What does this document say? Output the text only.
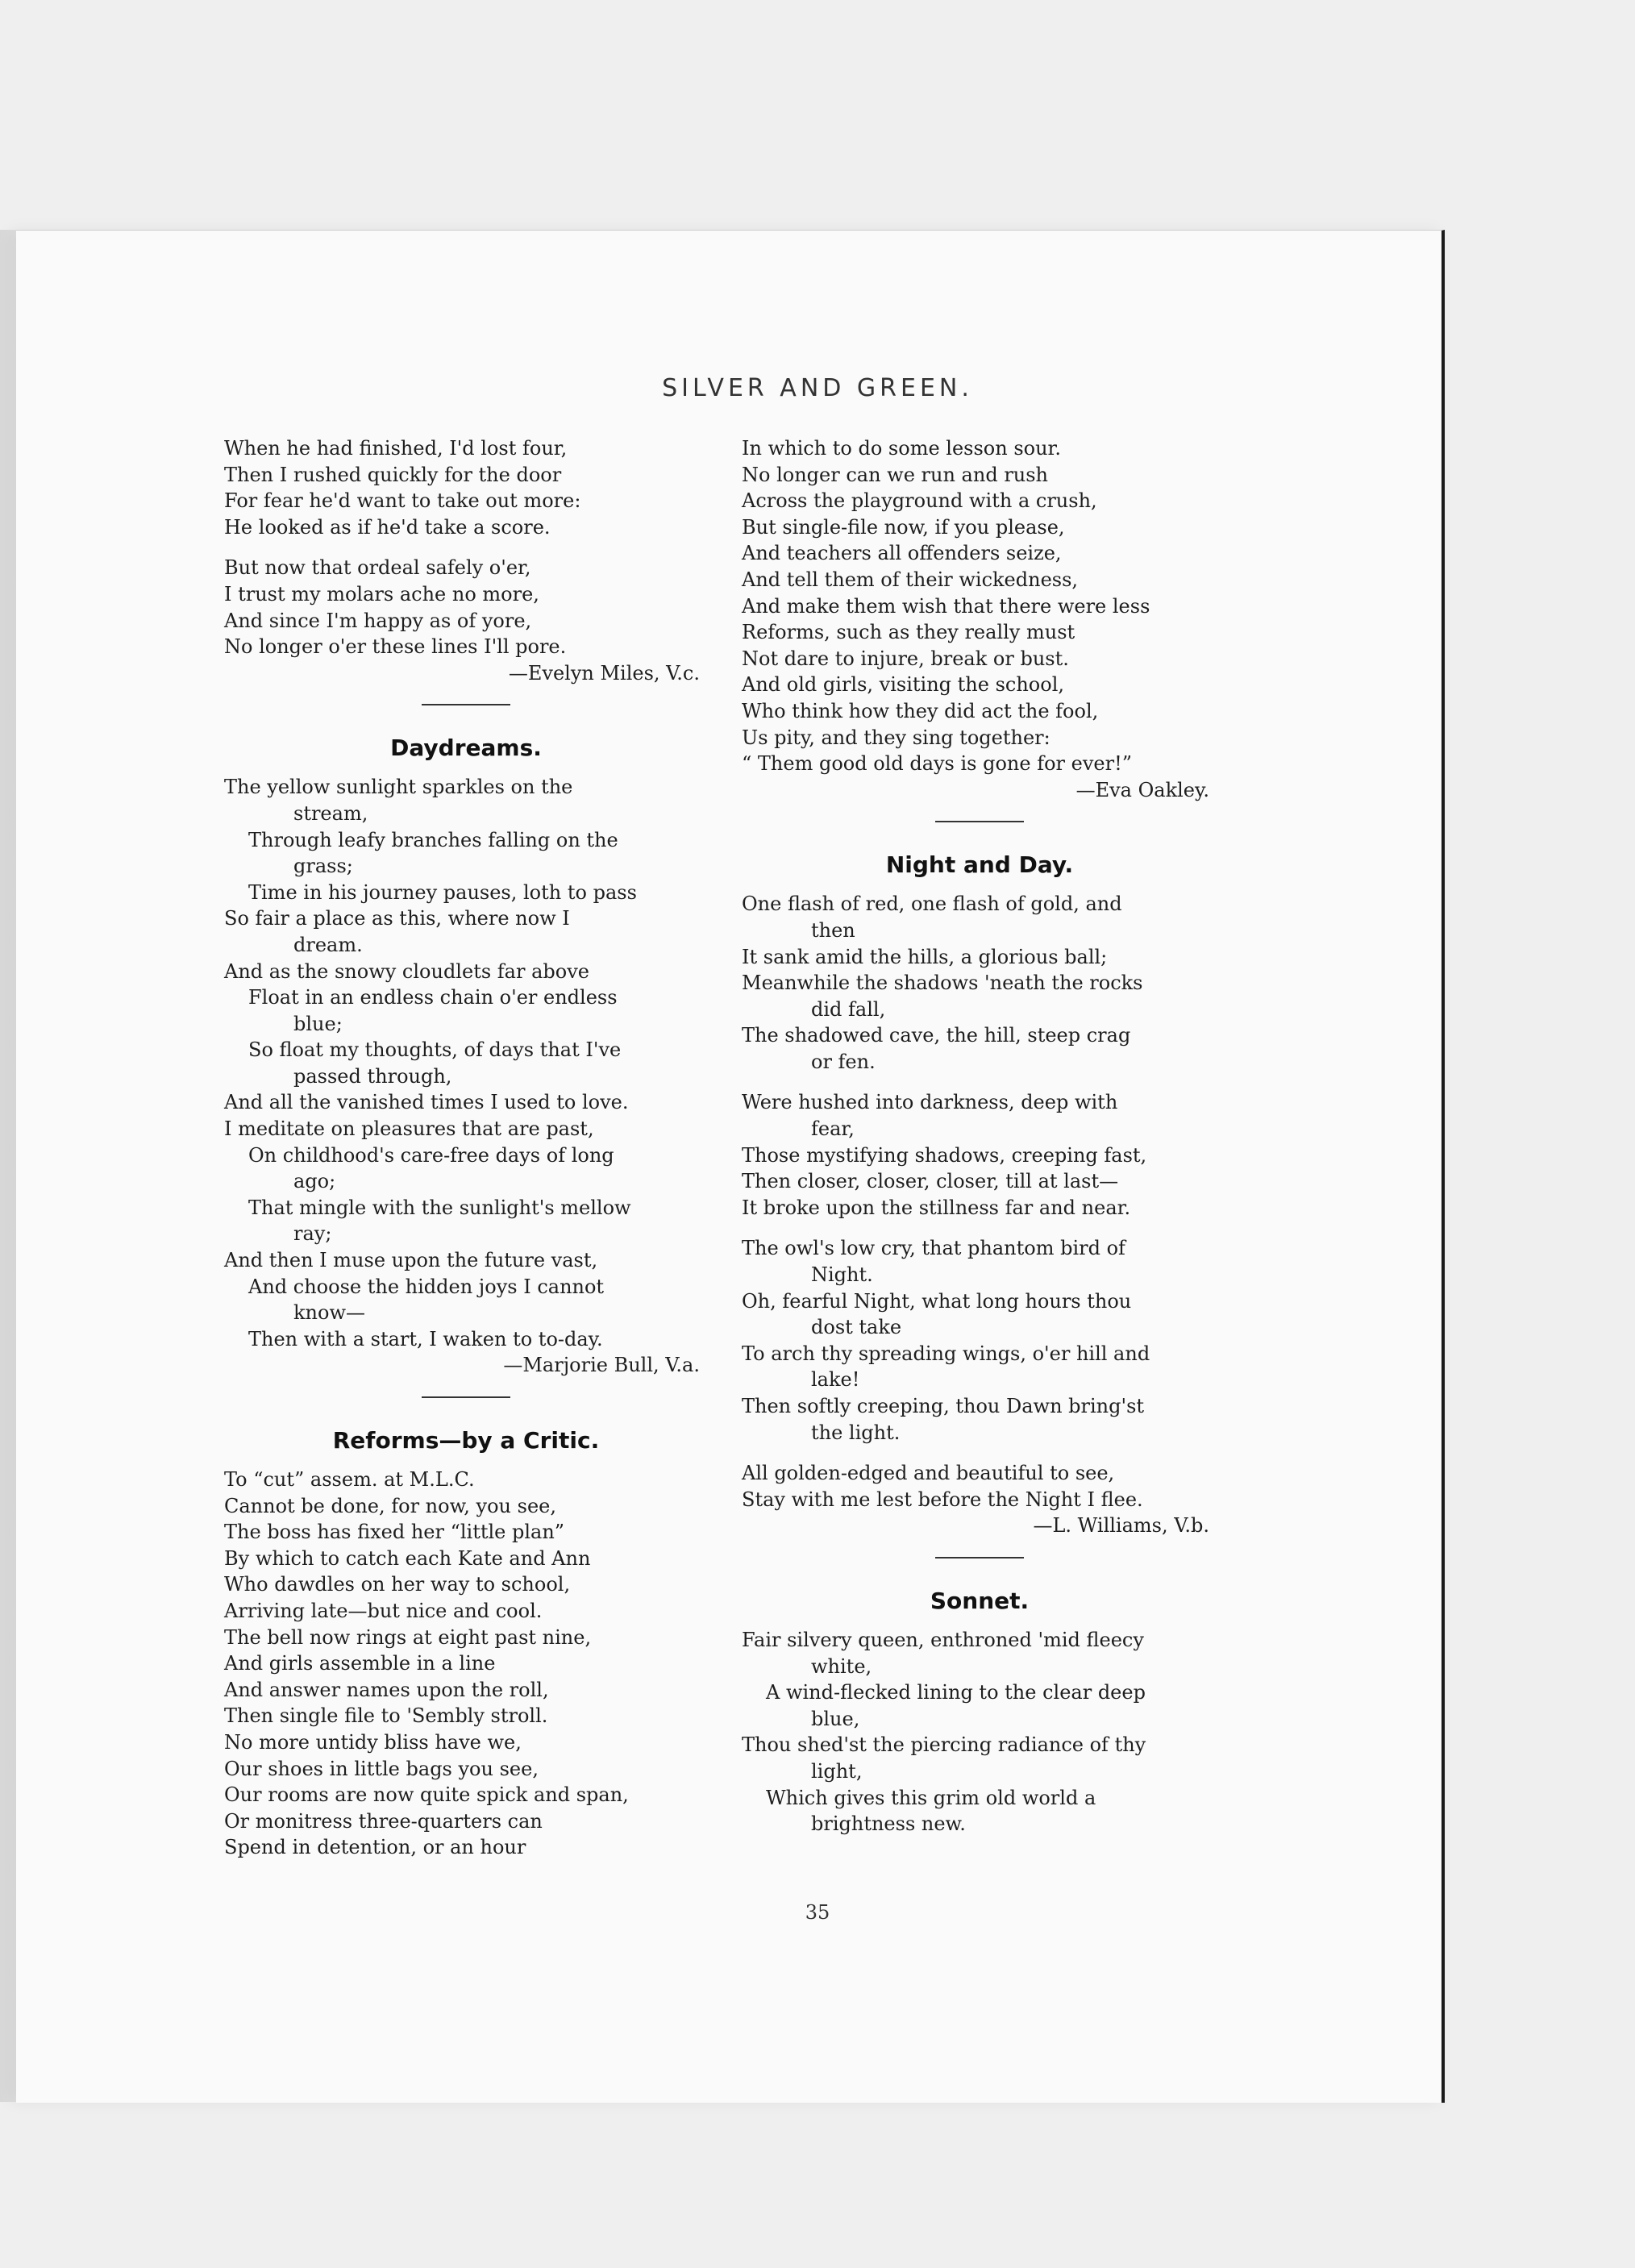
SILVER AND GREEN.

When he had finished, I'd lost four,

Then I rushed quickly for the door

For fear he'd want to take out more:

He looked as if he'd take a score.

But now that ordeal safely o'er,

I trust my molars ache no more,

And since I'm happy as of yore,

No longer o'er these lines I'll pore.

—Evelyn Miles, V.c.

Daydreams.

The yellow sunlight sparkles on the

stream,

Through leafy branches falling on the

grass;

Time in his journey pauses, loth to pass

So fair a place as this, where now I

dream.

And as the snowy cloudlets far above

Float in an endless chain o'er endless

blue;

So float my thoughts, of days that I've

passed through,

And all the vanished times I used to love.

I meditate on pleasures that are past,

On childhood's care-free days of long

ago;

That mingle with the sunlight's mellow

ray;

And then I muse upon the future vast,

And choose the hidden joys I cannot

know—

Then with a start, I waken to to-day.

—Marjorie Bull, V.a.

Reforms—by a Critic.

To “cut” assem. at M.L.C.

Cannot be done, for now, you see,

The boss has fixed her “little plan”

By which to catch each Kate and Ann

Who dawdles on her way to school,

Arriving late—but nice and cool.

The bell now rings at eight past nine,

And girls assemble in a line

And answer names upon the roll,

Then single file to 'Sembly stroll.

No more untidy bliss have we,

Our shoes in little bags you see,

Our rooms are now quite spick and span,

Or monitress three-quarters can

Spend in detention, or an hour

In which to do some lesson sour.

No longer can we run and rush

Across the playground with a crush,

But single-file now, if you please,

And teachers all offenders seize,

And tell them of their wickedness,

And make them wish that there were less

Reforms, such as they really must

Not dare to injure, break or bust.

And old girls, visiting the school,

Who think how they did act the fool,

Us pity, and they sing together:

“ Them good old days is gone for ever!”

—Eva Oakley.

Night and Day.

One flash of red, one flash of gold, and

then

It sank amid the hills, a glorious ball;

Meanwhile the shadows 'neath the rocks

did fall,

The shadowed cave, the hill, steep crag

or fen.

Were hushed into darkness, deep with

fear,

Those mystifying shadows, creeping fast,

Then closer, closer, closer, till at last—

It broke upon the stillness far and near.

The owl's low cry, that phantom bird of

Night.

Oh, fearful Night, what long hours thou

dost take

To arch thy spreading wings, o'er hill and

lake!

Then softly creeping, thou Dawn bring'st

the light.

All golden-edged and beautiful to see,

Stay with me lest before the Night I flee.

—L. Williams, V.b.

Sonnet.

Fair silvery queen, enthroned 'mid fleecy

white,

A wind-flecked lining to the clear deep

blue,

Thou shed'st the piercing radiance of thy

light,

Which gives this grim old world a

brightness new.

35
